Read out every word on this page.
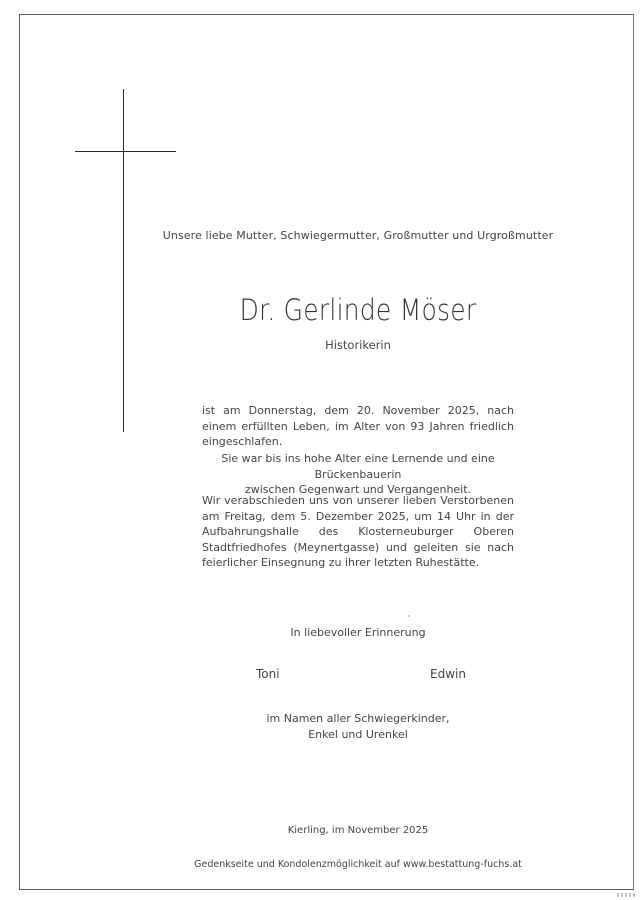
Unsere liebe Mutter, Schwiegermutter, Großmutter und Urgroßmutter
Dr. Gerlinde Möser
Historikerin
ist am Donnerstag, dem 20. November 2025, nach einem erfüllten Leben, im Alter von 93 Jahren friedlich eingeschlafen.
Sie war bis ins hohe Alter eine Lernende und eine Brückenbauerin
zwischen Gegenwart und Vergangenheit.
Wir verabschieden uns von unserer lieben Verstorbenen am Freitag, dem 5. Dezember 2025, um 14 Uhr in der Aufbahrungshalle des Klosterneuburger Oberen Stadtfriedhofes (Meynertgasse) und geleiten sie nach feierlicher Einsegnung zu ihrer letzten Ruhestätte.
In liebevoller Erinnerung
Toni	Edwin
im Namen aller Schwiegerkinder,
Enkel und Urenkel
Kierling, im November 2025
Gedenkseite und Kondolenzmöglichkeit auf www.bestattung-fuchs.at
